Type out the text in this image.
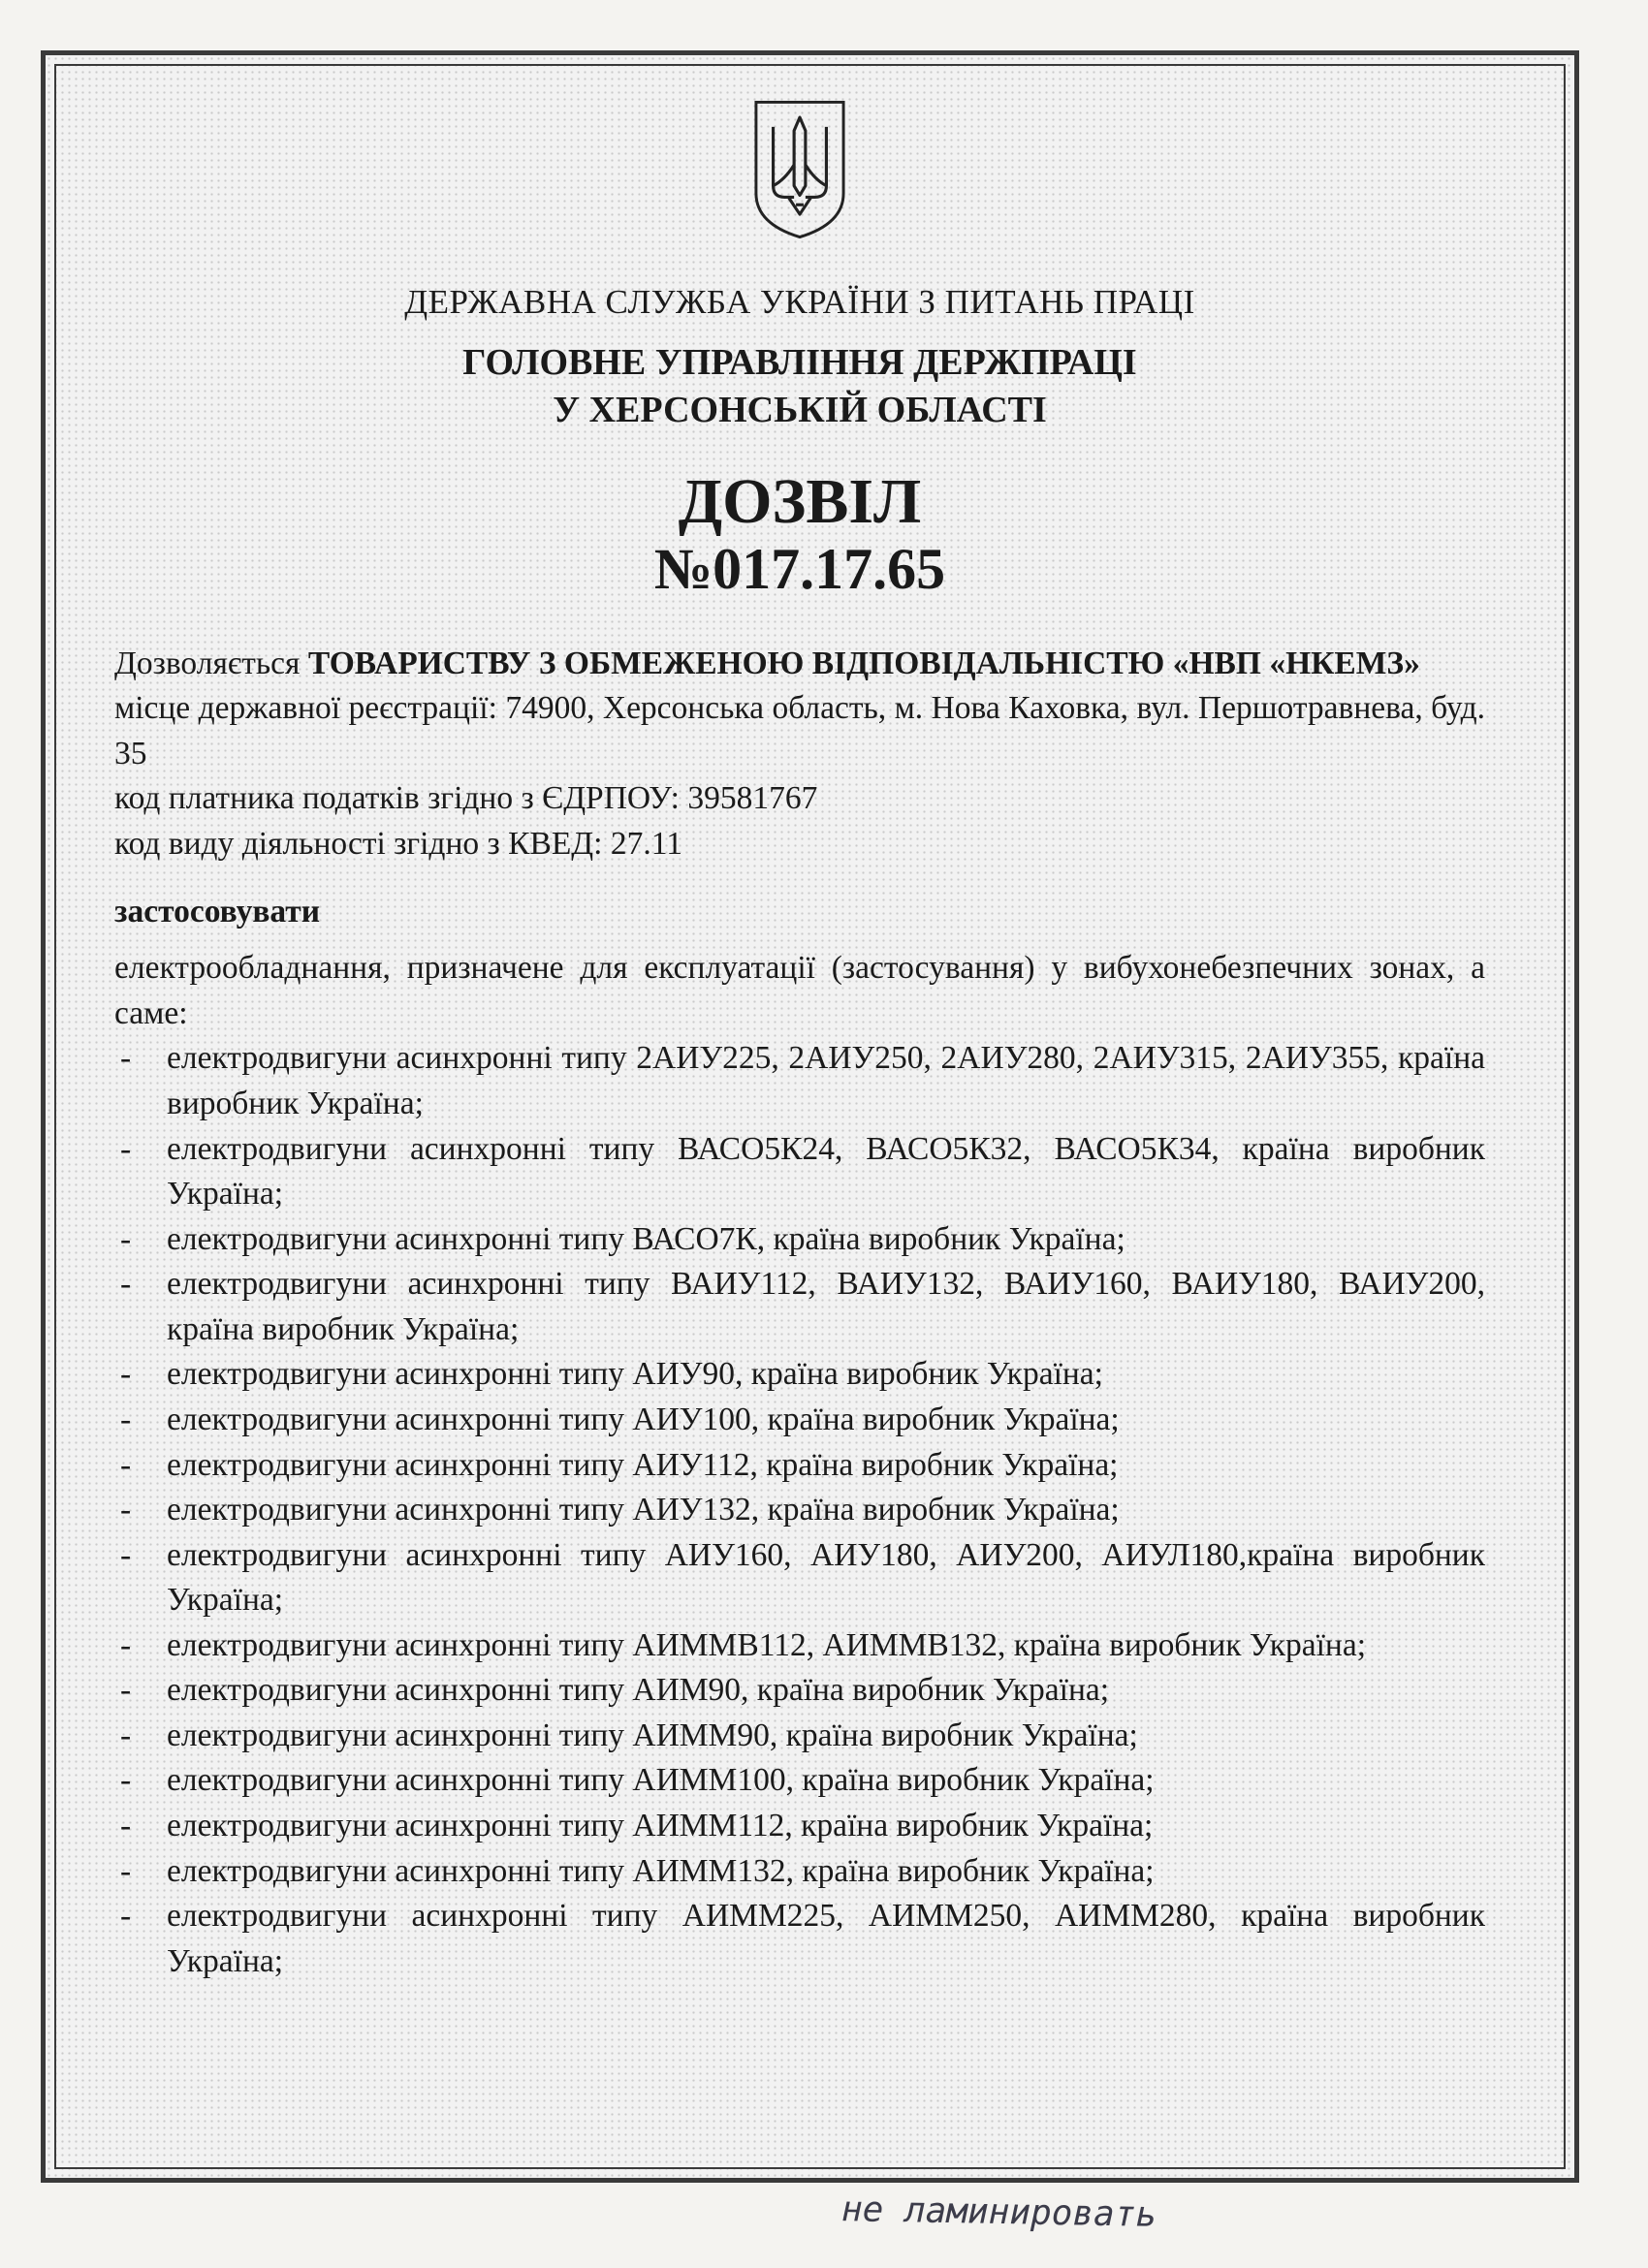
ДЕРЖАВНА СЛУЖБА УКРАЇНИ З ПИТАНЬ ПРАЦІ
ГОЛОВНЕ УПРАВЛІННЯ ДЕРЖПРАЦІ
У ХЕРСОНСЬКІЙ ОБЛАСТІ
ДОЗВІЛ
№017.17.65
Дозволяється ТОВАРИСТВУ З ОБМЕЖЕНОЮ ВІДПОВІДАЛЬНІСТЮ «НВП «НКЕМЗ»
місце державної реєстрації: 74900, Херсонська область, м. Нова Каховка, вул. Першотравнева, буд. 35
код платника податків згідно з ЄДРПОУ: 39581767
код виду діяльності згідно з КВЕД: 27.11
застосовувати
електрообладнання, призначене для експлуатації (застосування) у вибухонебезпечних зонах, а саме:
- електродвигуни асинхронні типу 2АИУ225, 2АИУ250, 2АИУ280, 2АИУ315, 2АИУ355, країна виробник Україна;
- електродвигуни асинхронні типу ВАСО5К24, ВАСО5К32, ВАСО5К34, країна виробник Україна;
- електродвигуни асинхронні типу ВАСО7К, країна виробник Україна;
- електродвигуни асинхронні типу ВАИУ112, ВАИУ132, ВАИУ160, ВАИУ180, ВАИУ200, країна виробник Україна;
- електродвигуни асинхронні типу АИУ90, країна виробник Україна;
- електродвигуни асинхронні типу АИУ100, країна виробник Україна;
- електродвигуни асинхронні типу АИУ112, країна виробник Україна;
- електродвигуни асинхронні типу АИУ132, країна виробник Україна;
- електродвигуни асинхронні типу АИУ160, АИУ180, АИУ200, АИУЛ180,країна виробник Україна;
- електродвигуни асинхронні типу АИММВ112, АИММВ132, країна виробник Україна;
- електродвигуни асинхронні типу АИМ90, країна виробник Україна;
- електродвигуни асинхронні типу АИММ90, країна виробник Україна;
- електродвигуни асинхронні типу АИММ100, країна виробник Україна;
- електродвигуни асинхронні типу АИММ112, країна виробник Україна;
- електродвигуни асинхронні типу АИММ132, країна виробник Україна;
- електродвигуни асинхронні типу АИММ225, АИММ250, АИММ280, країна виробник Україна;
не ламинировать
